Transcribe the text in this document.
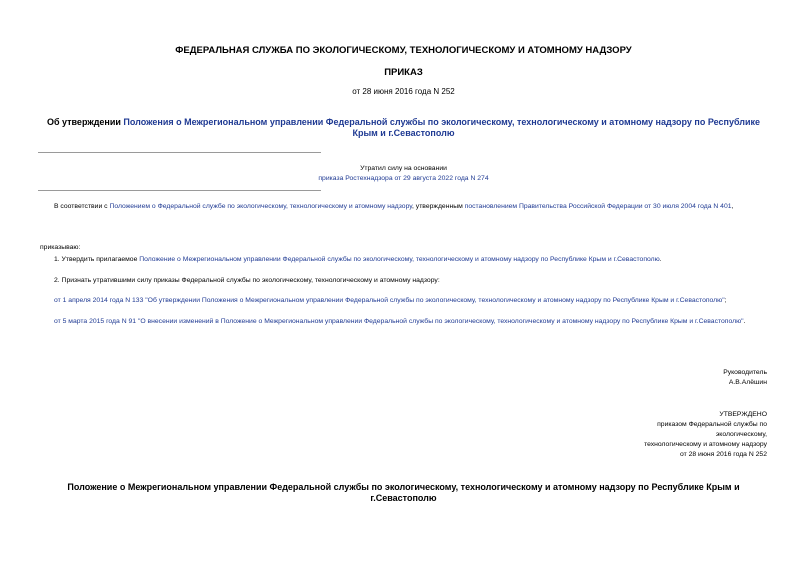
ФЕДЕРАЛЬНАЯ СЛУЖБА ПО ЭКОЛОГИЧЕСКОМУ, ТЕХНОЛОГИЧЕСКОМУ И АТОМНОМУ НАДЗОРУ
ПРИКАЗ
от 28 июня 2016 года N 252
Об утверждении Положения о Межрегиональном управлении Федеральной службы по экологическому, технологическому и атомному надзору по Республике Крым и г.Севастополю
Утратил силу на основании
приказа Ростехнадзора от 29 августа 2022 года N 274
В соответствии с Положением о Федеральной службе по экологическому, технологическому и атомному надзору, утвержденным постановлением Правительства Российской Федерации от 30 июля 2004 года N 401,
приказываю:
1. Утвердить прилагаемое Положение о Межрегиональном управлении Федеральной службы по экологическому, технологическому и атомному надзору по Республике Крым и г.Севастополю.
2. Признать утратившими силу приказы Федеральной службы по экологическому, технологическому и атомному надзору:
от 1 апреля 2014 года N 133 "Об утверждении Положения о Межрегиональном управлении Федеральной службы по экологическому, технологическому и атомному надзору по Республике Крым и г.Севастополю";
от 5 марта 2015 года N 91 "О внесении изменений в Положение о Межрегиональном управлении Федеральной службы по экологическому, технологическому и атомному надзору по Республике Крым и г.Севастополю".
Руководитель
А.В.Алёшин
УТВЕРЖДЕНО
приказом Федеральной службы по
экологическому,
технологическому и атомному надзору
от 28 июня 2016 года N 252
Положение о Межрегиональном управлении Федеральной службы по экологическому, технологическому и атомному надзору по Республике Крым и г.Севастополю
